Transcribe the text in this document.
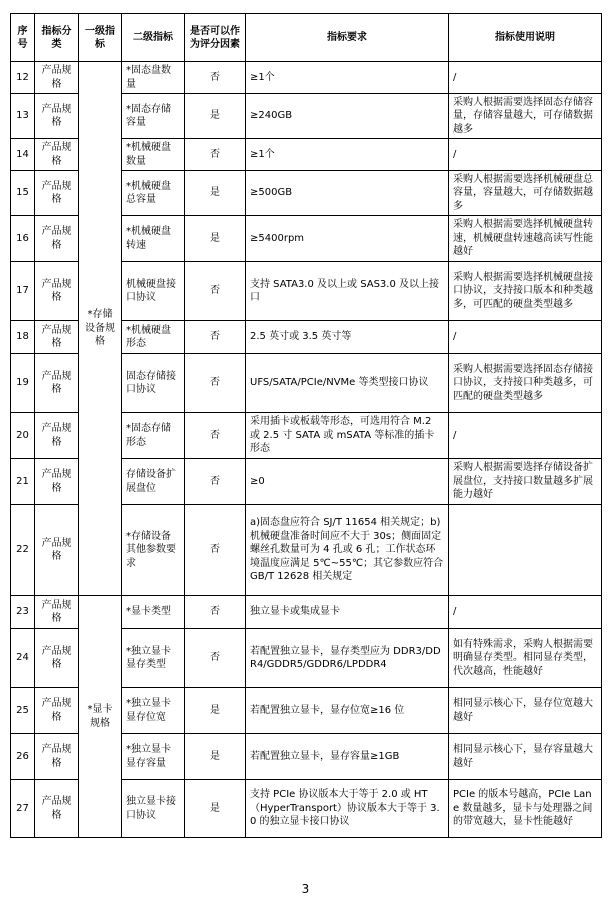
序号	指标分类	一级指标	二级指标	是否可以作为评分因素	指标要求	指标使用说明
12	产品规格	*存储设备规格	*固态盘数量	否	≥1个	/
13	产品规格		*固态存储容量	是	≥240GB	采购人根据需要选择固态存储容量，存储容量越大，可存储数据越多
14	产品规格		*机械硬盘数量	否	≥1个	/
15	产品规格		*机械硬盘总容量	是	≥500GB	采购人根据需要选择机械硬盘总容量，容量越大，可存储数据越多
16	产品规格		*机械硬盘转速	是	≥5400rpm	采购人根据需要选择机械硬盘转速，机械硬盘转速越高读写性能越好
17	产品规格		机械硬盘接口协议	否	支持 SATA3.0 及以上或 SAS3.0 及以上接口	采购人根据需要选择机械硬盘接口协议，支持接口版本和种类越多，可匹配的硬盘类型越多
18	产品规格		*机械硬盘形态	否	2.5 英寸或 3.5 英寸等	/
19	产品规格		固态存储接口协议	否	UFS/SATA/PCIe/NVMe 等类型接口协议	采购人根据需要选择固态存储接口协议，支持接口种类越多，可匹配的硬盘类型越多
20	产品规格		*固态存储形态	否	采用插卡或板载等形态，可选用符合 M.2 或 2.5 寸 SATA 或 mSATA 等标准的插卡形态	/
21	产品规格		存储设备扩展盘位	否	≥0	采购人根据需要选择存储设备扩展盘位，支持接口数量越多扩展能力越好
22	产品规格		*存储设备其他参数要求	否	a)固态盘应符合 SJ/T 11654 相关规定；b)机械硬盘准备时间应不大于 30s；侧面固定螺丝孔数量可为 4 孔或 6 孔；工作状态环境温度应满足 5℃~55℃；其它参数应符合 GB/T 12628 相关规定	
23	产品规格	*显卡规格	*显卡类型	否	独立显卡或集成显卡	/
24	产品规格		*独立显卡显存类型	否	若配置独立显卡，显存类型应为 DDR3/DDR4/GDDR5/GDDR6/LPDDR4	如有特殊需求，采购人根据需要明确显存类型。相同显存类型，代次越高，性能越好
25	产品规格		*独立显卡显存位宽	是	若配置独立显卡，显存位宽≥16 位	相同显示核心下，显存位宽越大越好
26	产品规格		*独立显卡显存容量	是	若配置独立显卡，显存容量≥1GB	相同显示核心下，显存容量越大越好
27	产品规格		独立显卡接口协议	是	支持 PCIe 协议版本大于等于 2.0 或 HT（HyperTransport）协议版本大于等于 3.0 的独立显卡接口协议	PCIe 的版本号越高，PCIe Lane 数量越多，显卡与处理器之间的带宽越大，显卡性能越好
3
